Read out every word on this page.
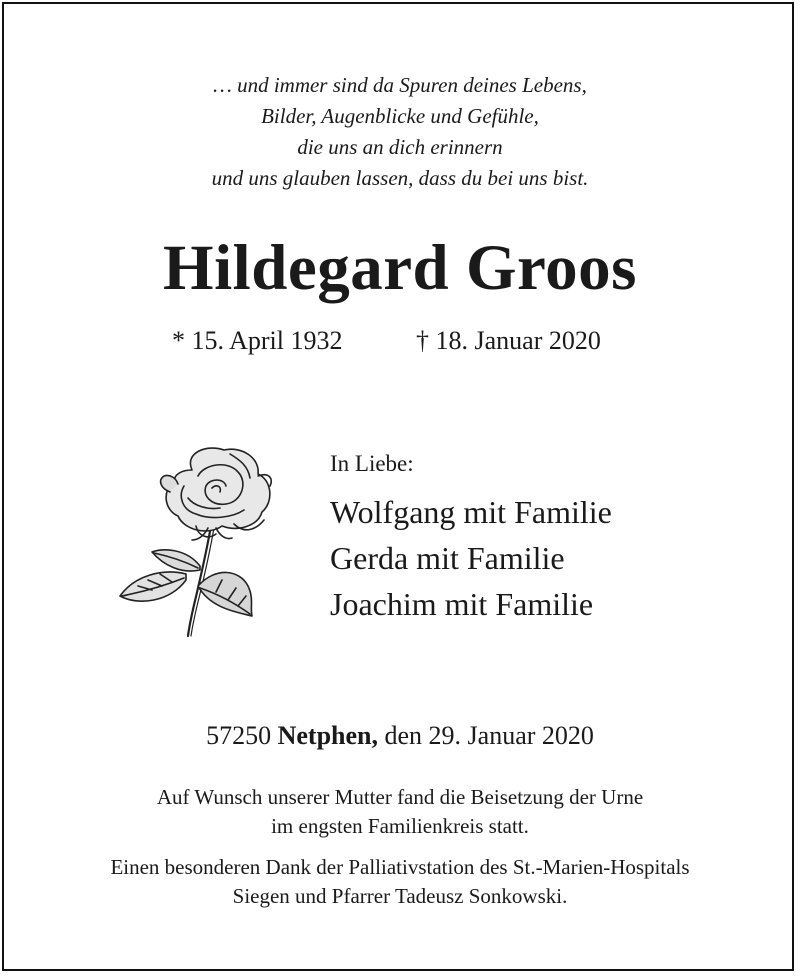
… und immer sind da Spuren deines Lebens,
Bilder, Augenblicke und Gefühle,
die uns an dich erinnern
und uns glauben lassen, dass du bei uns bist.
Hildegard Groos
* 15. April 1932	† 18. Januar 2020
In Liebe:
Wolfgang mit Familie
Gerda mit Familie
Joachim mit Familie
57250 Netphen, den 29. Januar 2020
Auf Wunsch unserer Mutter fand die Beisetzung der Urne
im engsten Familienkreis statt.
Einen besonderen Dank der Palliativstation des St.-Marien-Hospitals
Siegen und Pfarrer Tadeusz Sonkowski.
